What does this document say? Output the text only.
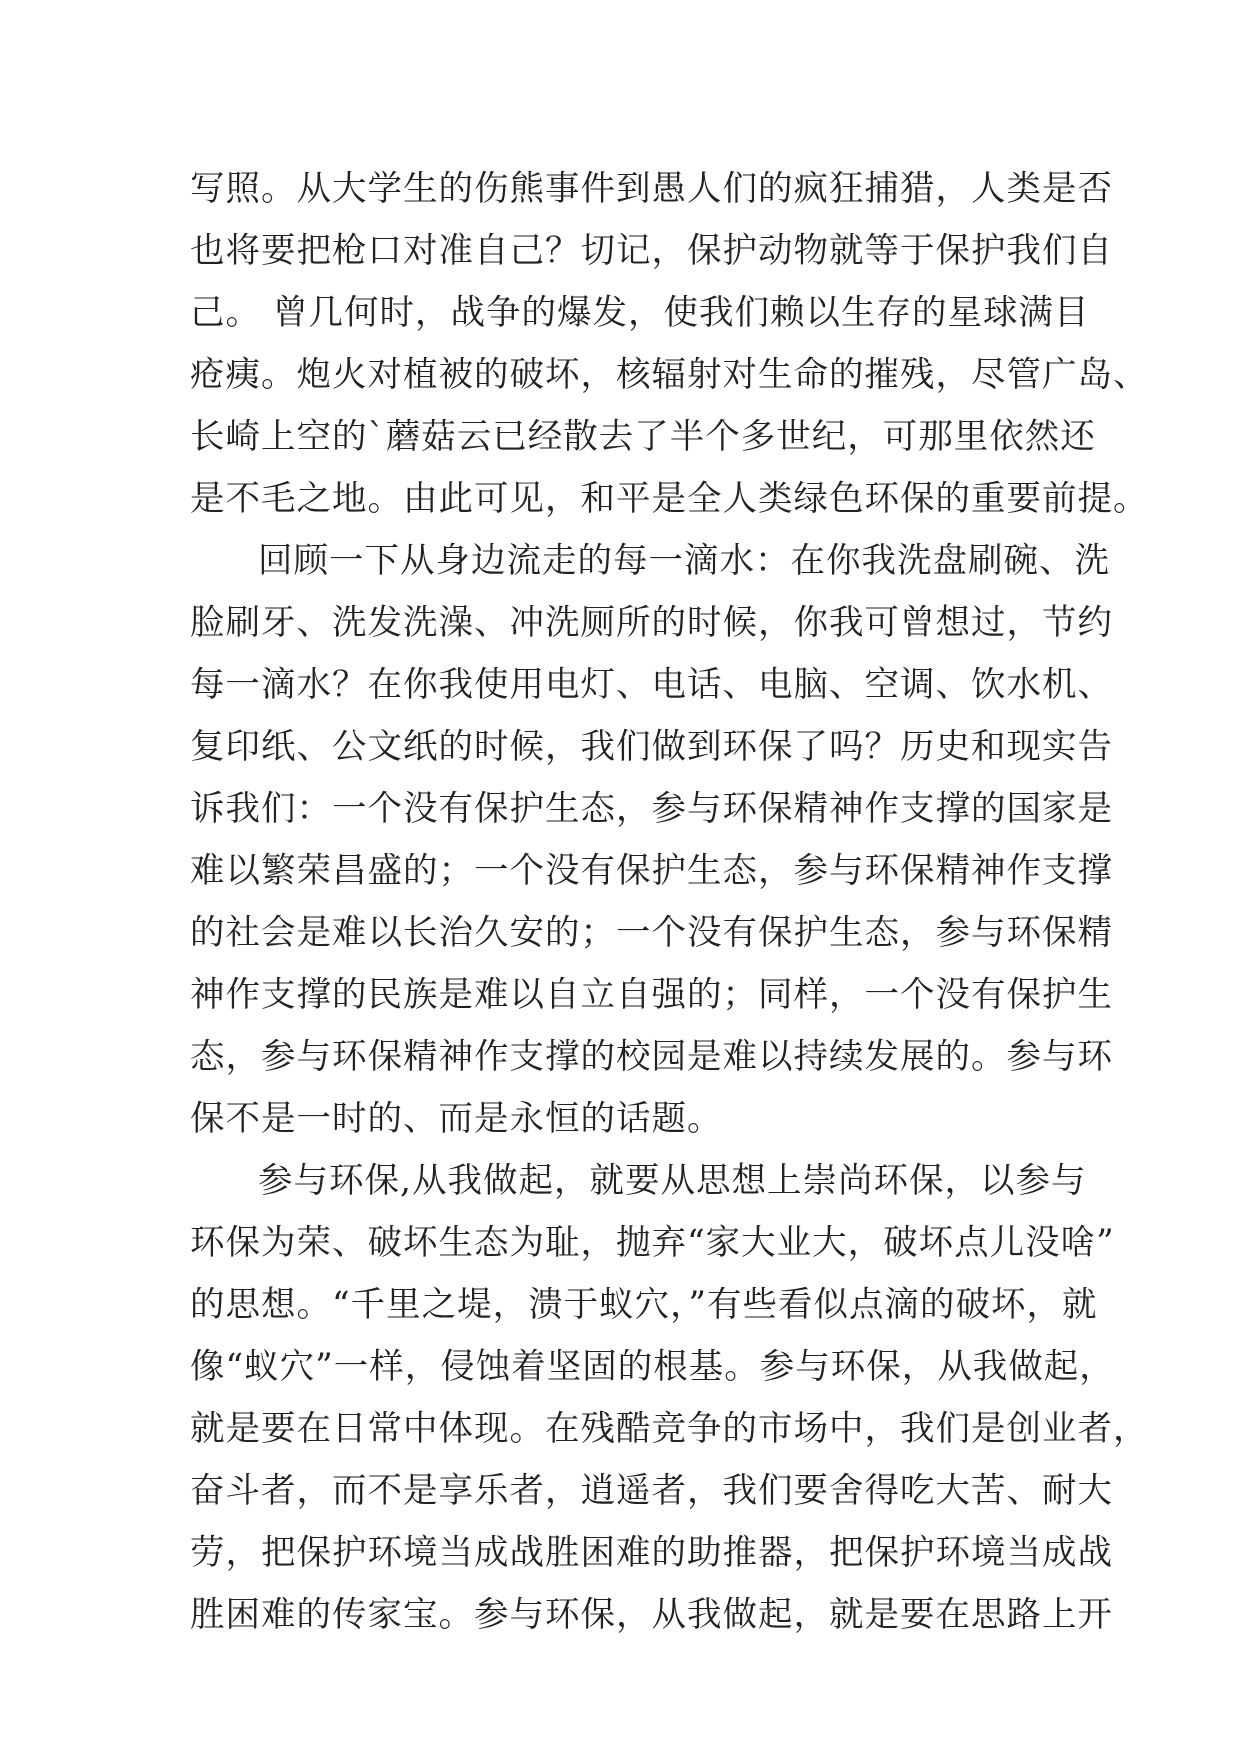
写照。从大学生的伤熊事件到愚人们的疯狂捕猎，人类是否
也将要把枪口对准自己？切记，保护动物就等于保护我们自
己。 曾几何时，战争的爆发，使我们赖以生存的星球满目
疮痍。炮火对植被的破坏，核辐射对生命的摧残，尽管广岛、
长崎上空的`蘑菇云已经散去了半个多世纪，可那里依然还
是不毛之地。由此可见，和平是全人类绿色环保的重要前提。
回顾一下从身边流走的每一滴水：在你我洗盘刷碗、洗
脸刷牙、洗发洗澡、冲洗厕所的时候，你我可曾想过，节约
每一滴水？在你我使用电灯、电话、电脑、空调、饮水机、
复印纸、公文纸的时候，我们做到环保了吗？历史和现实告
诉我们：一个没有保护生态，参与环保精神作支撑的国家是
难以繁荣昌盛的；一个没有保护生态，参与环保精神作支撑
的社会是难以长治久安的；一个没有保护生态，参与环保精
神作支撑的民族是难以自立自强的；同样，一个没有保护生
态，参与环保精神作支撑的校园是难以持续发展的。参与环
保不是一时的、而是永恒的话题。
参与环保,从我做起，就要从思想上崇尚环保，以参与
环保为荣、破坏生态为耻，抛弃“家大业大，破坏点儿没啥”
的思想。“千里之堤，溃于蚁穴，”有些看似点滴的破坏，就
像“蚁穴”一样，侵蚀着坚固的根基。参与环保，从我做起，
就是要在日常中体现。在残酷竞争的市场中，我们是创业者，
奋斗者，而不是享乐者，逍遥者，我们要舍得吃大苦、耐大
劳，把保护环境当成战胜困难的助推器，把保护环境当成战
胜困难的传家宝。参与环保，从我做起，就是要在思路上开
